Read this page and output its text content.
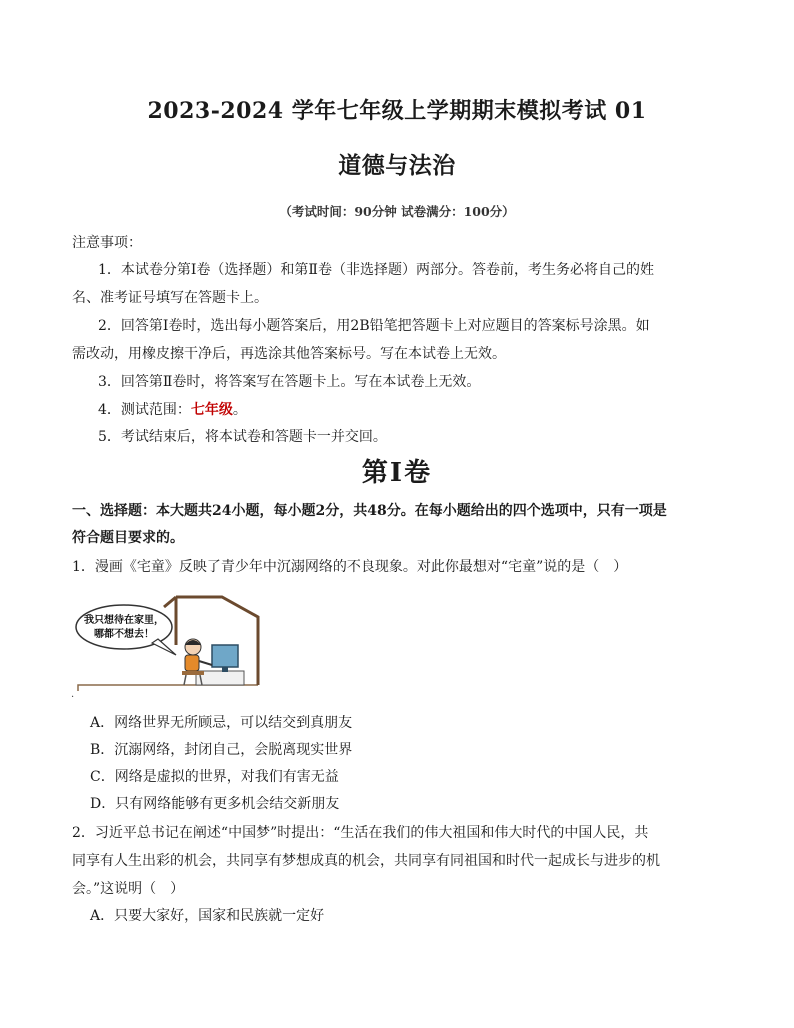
2023-2024 学年七年级上学期期末模拟考试 01
道德与法治
（考试时间：90分钟 试卷满分：100分）
注意事项：
1．本试卷分第Ⅰ卷（选择题）和第Ⅱ卷（非选择题）两部分。答卷前，考生务必将自己的姓
名、准考证号填写在答题卡上。
2．回答第Ⅰ卷时，选出每小题答案后，用2B铅笔把答题卡上对应题目的答案标号涂黑。如
需改动，用橡皮擦干净后，再选涂其他答案标号。写在本试卷上无效。
3．回答第Ⅱ卷时，将答案写在答题卡上。写在本试卷上无效。
4．测试范围：七年级。
5．考试结束后，将本试卷和答题卡一并交回。
第Ⅰ卷
一、选择题：本大题共24小题，每小题2分，共48分。在每小题给出的四个选项中，只有一项是
符合题目要求的。
1．漫画《宅童》反映了青少年中沉溺网络的不良现象。对此你最想对“宅童”说的是（　）
我只想待在家里，
哪都不想去！
·
A．网络世界无所顾忌，可以结交到真朋友
B．沉溺网络，封闭自己，会脱离现实世界
C．网络是虚拟的世界，对我们有害无益
D．只有网络能够有更多机会结交新朋友
2．习近平总书记在阐述“中国梦”时提出：“生活在我们的伟大祖国和伟大时代的中国人民，共
同享有人生出彩的机会，共同享有梦想成真的机会，共同享有同祖国和时代一起成长与进步的机
会。”这说明（　）
A．只要大家好，国家和民族就一定好
